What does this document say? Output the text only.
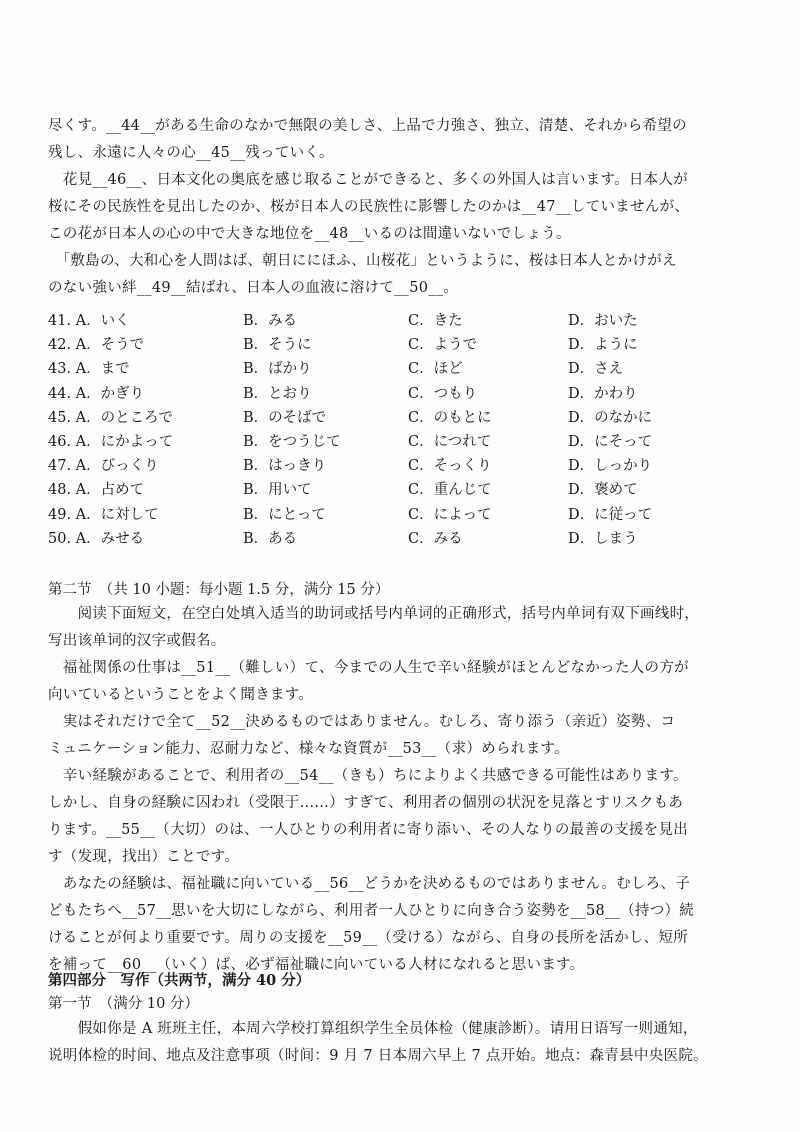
尽くす。__44__がある生命のなかで無限の美しさ、上品で力強さ、独立、清楚、それから希望の
残し、永遠に人々の心__45__残っていく。
　花見__46__、日本文化の奥底を感じ取ることができると、多くの外国人は言います。日本人が
桜にその民族性を見出したのか、桜が日本人の民族性に影響したのかは__47__していませんが、
この花が日本人の心の中で大きな地位を__48__いるのは間違いないでしょう。
　「敷島の、大和心を人問はば、朝日ににほふ、山桜花」というように、桜は日本人とかけがえ
のない強い絆__49__結ばれ、日本人の血液に溶けて__50__。
41. A．いく	B．みる	C．きた	D．おいた
42. A．そうで	B．そうに	C．ようで	D．ように
43. A．まで	B．ばかり	C．ほど	D．さえ
44. A．かぎり	B．とおり	C．つもり	D．かわり
45. A．のところで	B．のそばで	C．のもとに	D．のなかに
46. A．にかよって	B．をつうじて	C．につれて	D．にそって
47. A．びっくり	B．はっきり	C．そっくり	D．しっかり
48. A．占めて	B．用いて	C．重んじて	D．褒めて
49. A．に対して	B．にとって	C．によって	D．に従って
50. A．みせる	B．ある	C．みる	D．しまう
第二节　（共 10 小题：每小题 1.5 分，满分 15 分）
　　阅读下面短文，在空白处填入适当的助词或括号内单词的正确形式，括号内单词有双下画线时，
写出该单词的汉字或假名。
　福祉関係の仕事は__51__（難しい）て、今までの人生で辛い経験がほとんどなかった人の方が
向いているということをよく聞きます。
　実はそれだけで全て__52__決めるものではありません。むしろ、寄り添う（亲近）姿勢、コ
ミュニケーション能力、忍耐力など、様々な資質が__53__（求）められます。
　辛い経験があることで、利用者の__54__（きも）ちによりよく共感できる可能性はあります。
しかし、自身の経験に囚われ（受限于……）すぎて、利用者の個別の状況を見落とすリスクもあ
ります。__55__（大切）のは、一人ひとりの利用者に寄り添い、その人なりの最善の支援を見出
す（发现，找出）ことです。
　あなたの経験は、福祉職に向いている__56__どうかを決めるものではありません。むしろ、子
どもたちへ__57__思いを大切にしながら、利用者一人ひとりに向き合う姿勢を__58__（持つ）続
けることが何より重要です。周りの支援を__59__（受ける）ながら、自身の長所を活かし、短所
を補って__60__（いく）ば、必ず福祉職に向いている人材になれると思います。
第四部分　写作（共两节，满分 40 分）
第一节　（满分 10 分）
　　假如你是 A 班班主任，本周六学校打算组织学生全员体检（健康診断）。请用日语写一则通知，
说明体检的时间、地点及注意事项（时间：9 月 7 日本周六早上 7 点开始。地点：森青县中央医院。
